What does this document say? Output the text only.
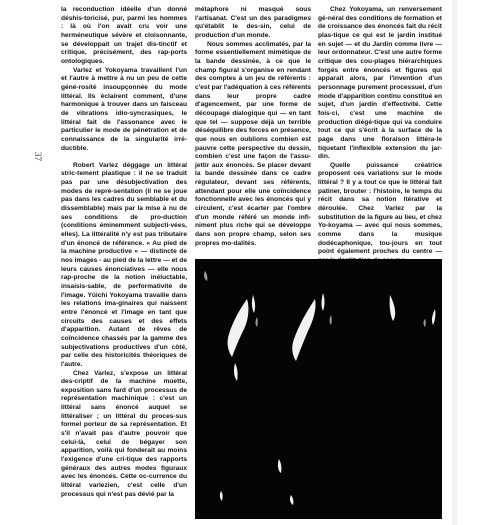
la reconduction idéelle d'un donné déshis-toricisé, pur, parmi les hommes : là où l'on avait cru voir une herméneutique sévère et cloisonnante, se développait un trajet dis-tinctif et critique, précisément, des rap-ports ontologiques.

Varlez et Yokoyama travaillent l'un et l'autre à mettre à nu un peu de cette géné-rosité insoupçonnée du mode littéral. Ils éclairent comment, d'une harmonique à trouver dans un faisceau de vibrations idio-syncrasiques, le littéral fait de l'assonance avec le particulier le mode de pénétration et de connaissance de la singularité irré-ductible.

Robert Varlez déggage un littéral stric-tement plastique : il ne se traduit pas par une désubjectivation des modes de repré-sentation (il ne se joue pas dans les cadres du semblable et du dissemblable) mais par la mise à nu de ses conditions de pro-duction (conditions éminemment subjecti-vées, elles). La littéralité n'y est pas tributaire d'un énoncé de référence. « Au pied de la machine productive » — distincte de nos images - au pied de la lettre — et de leurs causes énonciatives — elle nous rap-proche de la notion inéluctable, insaisis-sable, de performativité de l'image. Yûichi Yokoyama travaille dans les relations ima-ginaires qui naissent entre l'énoncé et l'image en tant que circuits des causes et des effets d'apparition. Autant de rêves de coïncidence chassés par la gamme des subjectivations productives d'un côté, par celle des historicités théoriques de l'autre.

Chez Varlez, s'expose un littéral des-criptif de la machine muette, exposition sans fard d'un processus de représentation machinique : c'est un littéral sans énoncé auquel se littéraliser ; un littéral du proces-sus formel porteur de sa représentation. Et s'il n'avait pas d'autre pouvoir que celui-là, celui de bégayer son apparition, voilà qui fonderait au moins l'exigence d'une cri-tique des rapports généraux des autres modes figuraux avec les énoncés. Cette oc-currence du littéral varlezien, c'est celle d'un processus qui n'est pas dévié par la

métaphore ni masqué sous l'artisanat. C'est un des paradigmes qu'établit le des-sin, celui de production d'un monde.

Nous sommes acclimatés, par la forme essentiellement mimétique de la bande dessinée, à ce que le champ figural s'organise en rendant des comptes à un jeu de référents : c'est par l'adéquation à ces référents dans leur propre cadre d'agencement, par une forme de découpage dialogique qui — en tant que tel — suppose déjà un terrible déséquilibre des forces en présence, que nous en oublions combien est pauvre cette perspective du dessin, combien c'est une façon de l'assu-jettir aux énoncés. Se placer devant la bande dessinée dans ce cadre régulateur, devant ses référents, attendant pour elle une coïncidence fonctionnelle avec les énoncés qui y circulent, c'est écarter par l'ombre d'un monde référé un monde infi-niment plus riche qui se développe dans son propre champ, selon ses propres mo-dalités.

Chez Yokoyama, un renversement gé-néral des conditions de formation et de croissance des énoncés fait du récit plas-tique ce qui est le jardin institué en sujet — et du Jardin comme livre — leur ordonnateur. C'est une autre forme critique des cou-plages hiérarchiques forgés entre énoncés et figures qui apparaît alors, par l'invention d'un personnage purement processuel, d'un mode d'apparition continu constitué en sujet, d'un jardin d'effectivité. Cette fois-ci, c'est une machine de production diégé-tique qui va conduire tout ce qui s'écrit à la surface de la page dans une floraison littéra-le tiquetant l'inflexible extension du jar-din.

Quelle puissance créatrice proposent ces variations sur le mode littéral ? Il y a tout ce que le littéral fait patiner, brouter : l'histoire, le temps du récit dans sa notion itérative et déroulée. Chez Varlez par la substitution de la figure au lieu, et chez Yo-koyama — avec qui nous sommes, comme dans la musique dodécaphonique, tou-jours en tout point également proches du centre —

37
